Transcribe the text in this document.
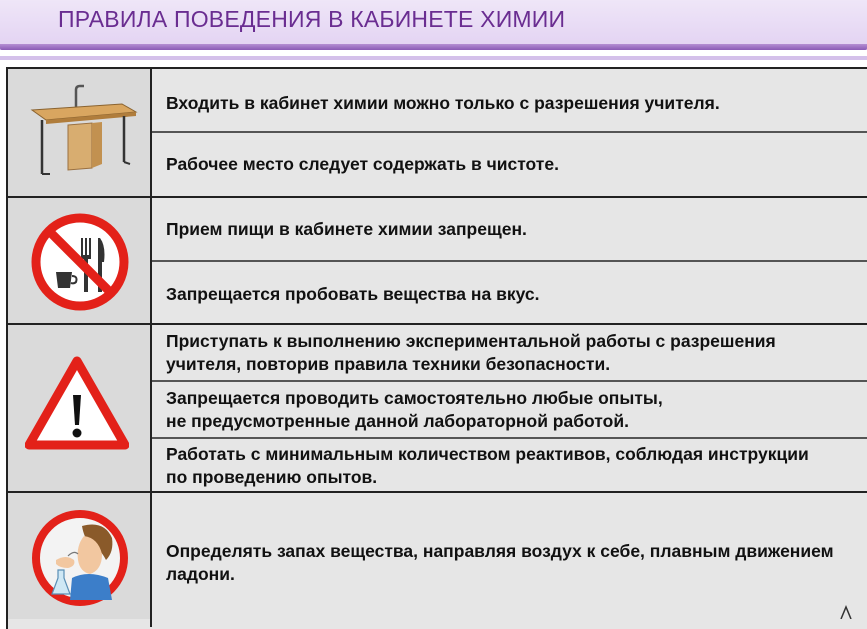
ПРАВИЛА ПОВЕДЕНИЯ В КАБИНЕТЕ ХИМИИ
Входить в кабинет химии можно только с разрешения учителя.
Рабочее место следует содержать в чистоте.
Прием пищи в кабинете химии запрещен.
Запрещается пробовать вещества на вкус.
Приступать к выполнению экспериментальной работы с разрешения
учителя, повторив правила техники безопасности.
Запрещается проводить самостоятельно любые опыты,
не предусмотренные данной лабораторной работой.
Работать с минимальным количеством реактивов, соблюдая инструкции
по проведению опытов.
Определять запах вещества, направляя воздух к себе, плавным движением
ладони.
